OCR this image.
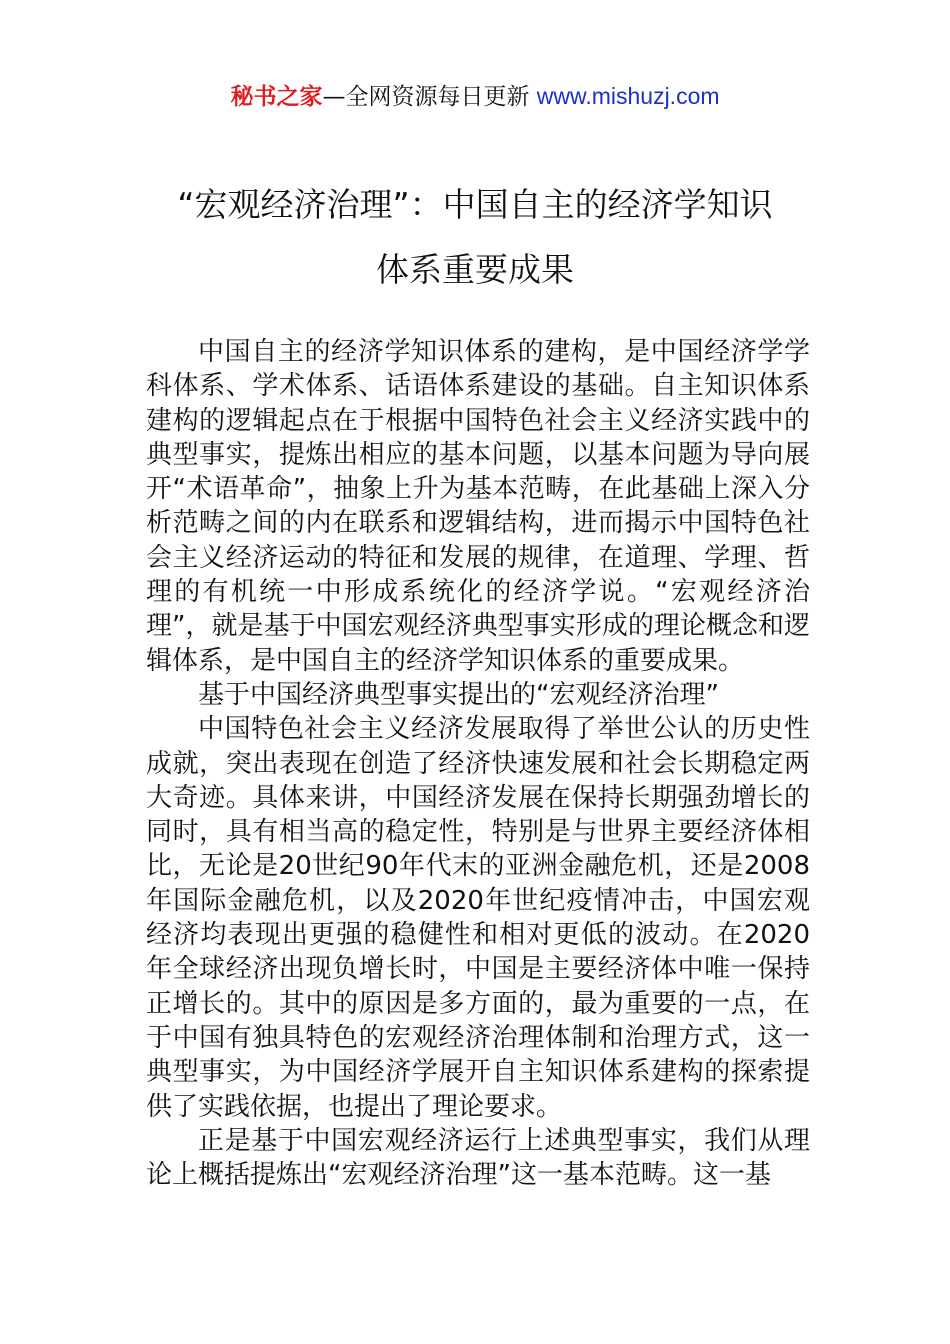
秘书之家—全网资源每日更新 www.mishuzj.com
“宏观经济治理”：中国自主的经济学知识
体系重要成果

中国自主的经济学知识体系的建构，是中国经济学学科体系、学术体系、话语体系建设的基础。自主知识体系建构的逻辑起点在于根据中国特色社会主义经济实践中的典型事实，提炼出相应的基本问题，以基本问题为导向展开“术语革命”，抽象上升为基本范畴，在此基础上深入分析范畴之间的内在联系和逻辑结构，进而揭示中国特色社会主义经济运动的特征和发展的规律，在道理、学理、哲理的有机统一中形成系统化的经济学说。“宏观经济治理”，就是基于中国宏观经济典型事实形成的理论概念和逻辑体系，是中国自主的经济学知识体系的重要成果。

基于中国经济典型事实提出的“宏观经济治理”

中国特色社会主义经济发展取得了举世公认的历史性成就，突出表现在创造了经济快速发展和社会长期稳定两大奇迹。具体来讲，中国经济发展在保持长期强劲增长的同时，具有相当高的稳定性，特别是与世界主要经济体相比，无论是20世纪90年代末的亚洲金融危机，还是2008年国际金融危机，以及2020年世纪疫情冲击，中国宏观经济均表现出更强的稳健性和相对更低的波动。在2020年全球经济出现负增长时，中国是主要经济体中唯一保持正增长的。其中的原因是多方面的，最为重要的一点，在于中国有独具特色的宏观经济治理体制和治理方式，这一典型事实，为中国经济学展开自主知识体系建构的探索提供了实践依据，也提出了理论要求。

正是基于中国宏观经济运行上述典型事实，我们从理论上概括提炼出“宏观经济治理”这一基本范畴。这一基
